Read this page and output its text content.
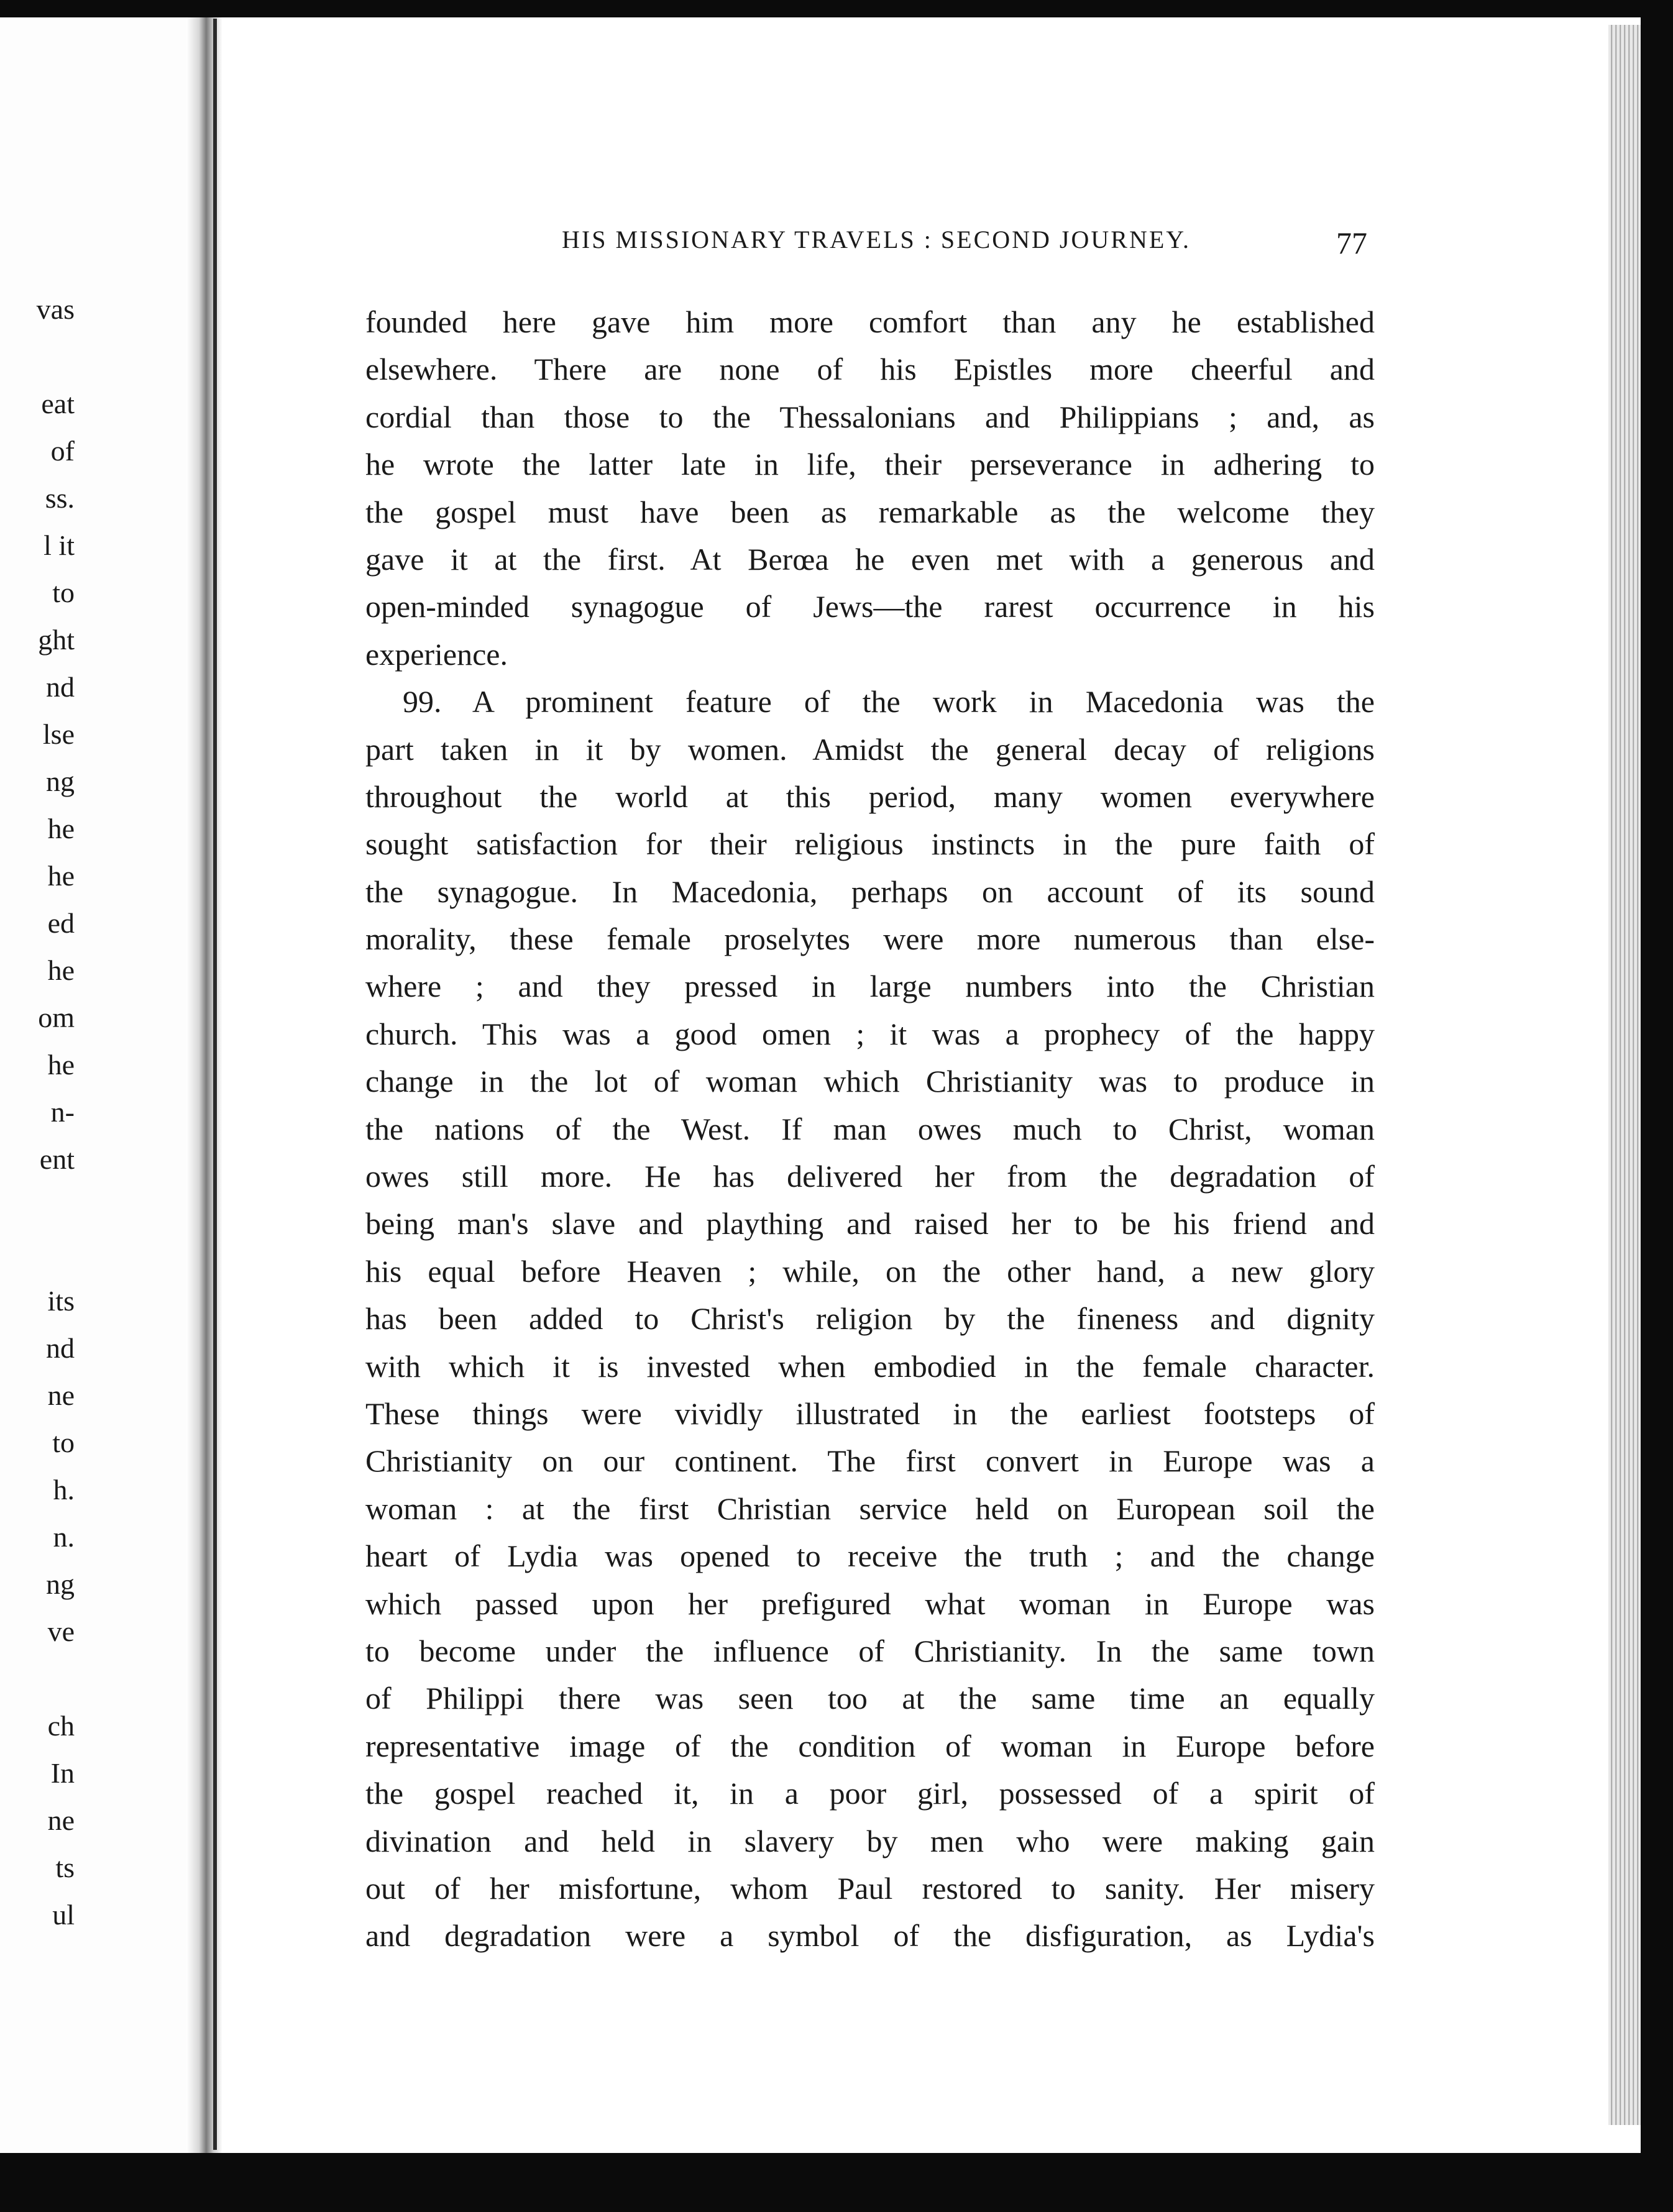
vas
eat
of
ss.
l it
to
ght
nd
lse
ng
he
he
ed
he
om
he
n-
ent
its
nd
ne
to
h.
n.
ng
ve
ch
In
ne
ts
ul
HIS MISSIONARY TRAVELS : SECOND JOURNEY.	77
founded here gave him more comfort than any he established
elsewhere. There are none of his Epistles more cheerful and
cordial than those to the Thessalonians and Philippians ; and, as
he wrote the latter late in life, their perseverance in adhering to
the gospel must have been as remarkable as the welcome they
gave it at the first. At Berœa he even met with a generous and
open-minded synagogue of Jews—the rarest occurrence in his
experience.
99. A prominent feature of the work in Macedonia was the
part taken in it by women. Amidst the general decay of religions
throughout the world at this period, many women everywhere
sought satisfaction for their religious instincts in the pure faith of
the synagogue. In Macedonia, perhaps on account of its sound
morality, these female proselytes were more numerous than else-
where ; and they pressed in large numbers into the Christian
church. This was a good omen ; it was a prophecy of the happy
change in the lot of woman which Christianity was to produce in
the nations of the West. If man owes much to Christ, woman
owes still more. He has delivered her from the degradation of
being man's slave and plaything and raised her to be his friend and
his equal before Heaven ; while, on the other hand, a new glory
has been added to Christ's religion by the fineness and dignity
with which it is invested when embodied in the female character.
These things were vividly illustrated in the earliest footsteps of
Christianity on our continent. The first convert in Europe was a
woman : at the first Christian service held on European soil the
heart of Lydia was opened to receive the truth ; and the change
which passed upon her prefigured what woman in Europe was
to become under the influence of Christianity. In the same town
of Philippi there was seen too at the same time an equally
representative image of the condition of woman in Europe before
the gospel reached it, in a poor girl, possessed of a spirit of
divination and held in slavery by men who were making gain
out of her misfortune, whom Paul restored to sanity. Her misery
and degradation were a symbol of the disfiguration, as Lydia's
